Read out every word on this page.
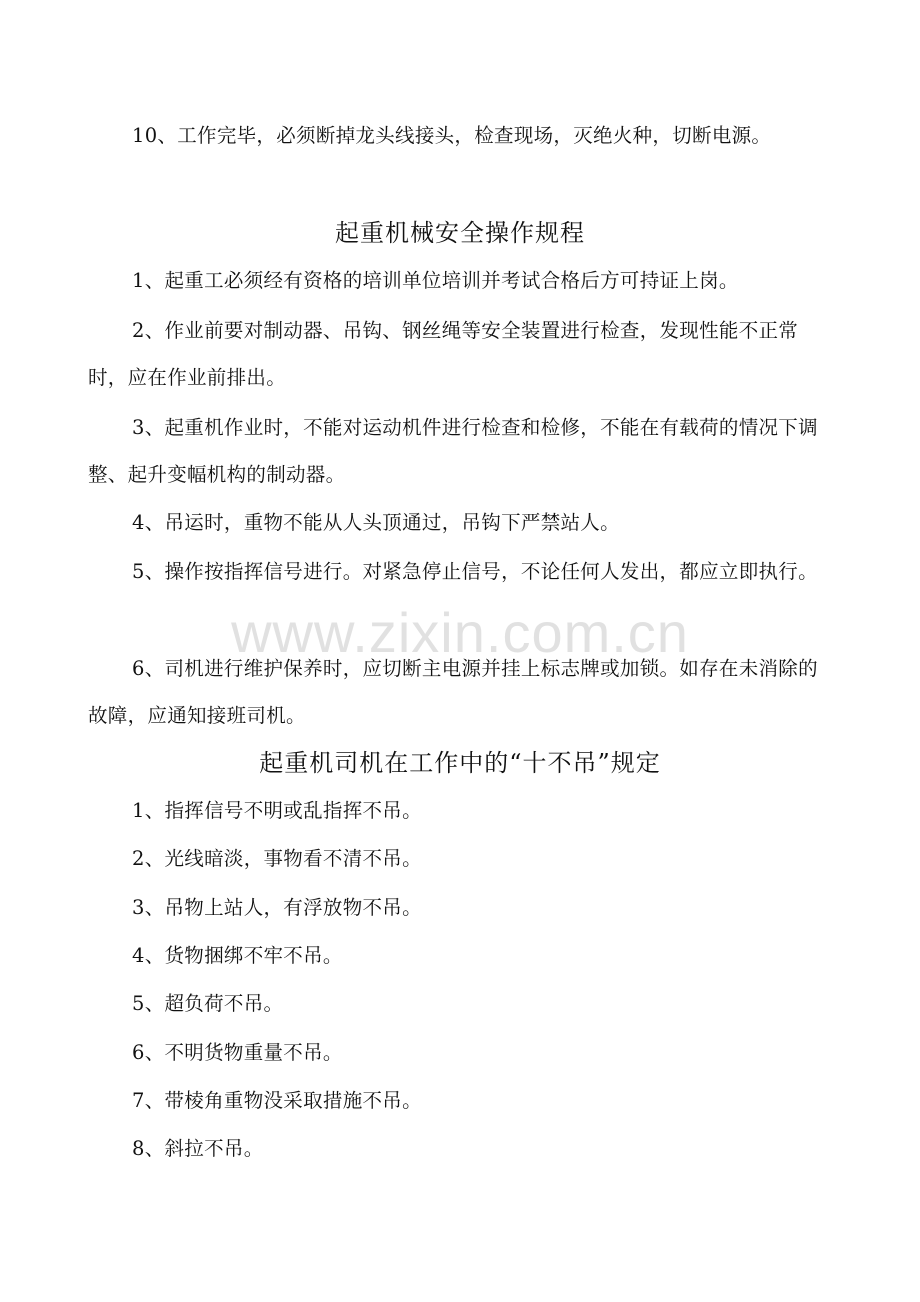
10、工作完毕，必须断掉龙头线接头，检查现场，灭绝火种，切断电源。

起重机械安全操作规程

1、起重工必须经有资格的培训单位培训并考试合格后方可持证上岗。

2、作业前要对制动器、吊钩、钢丝绳等安全装置进行检查，发现性能不正常时，应在作业前排出。

3、起重机作业时，不能对运动机件进行检查和检修，不能在有载荷的情况下调整、起升变幅机构的制动器。

4、吊运时，重物不能从人头顶通过，吊钩下严禁站人。

5、操作按指挥信号进行。对紧急停止信号，不论任何人发出，都应立即执行。

6、司机进行维护保养时，应切断主电源并挂上标志牌或加锁。如存在未消除的故障，应通知接班司机。

起重机司机在工作中的“十不吊”规定

1、指挥信号不明或乱指挥不吊。

2、光线暗淡，事物看不清不吊。

3、吊物上站人，有浮放物不吊。

4、货物捆绑不牢不吊。

5、超负荷不吊。

6、不明货物重量不吊。

7、带棱角重物没采取措施不吊。

8、斜拉不吊。

www.zixin.com.cn
